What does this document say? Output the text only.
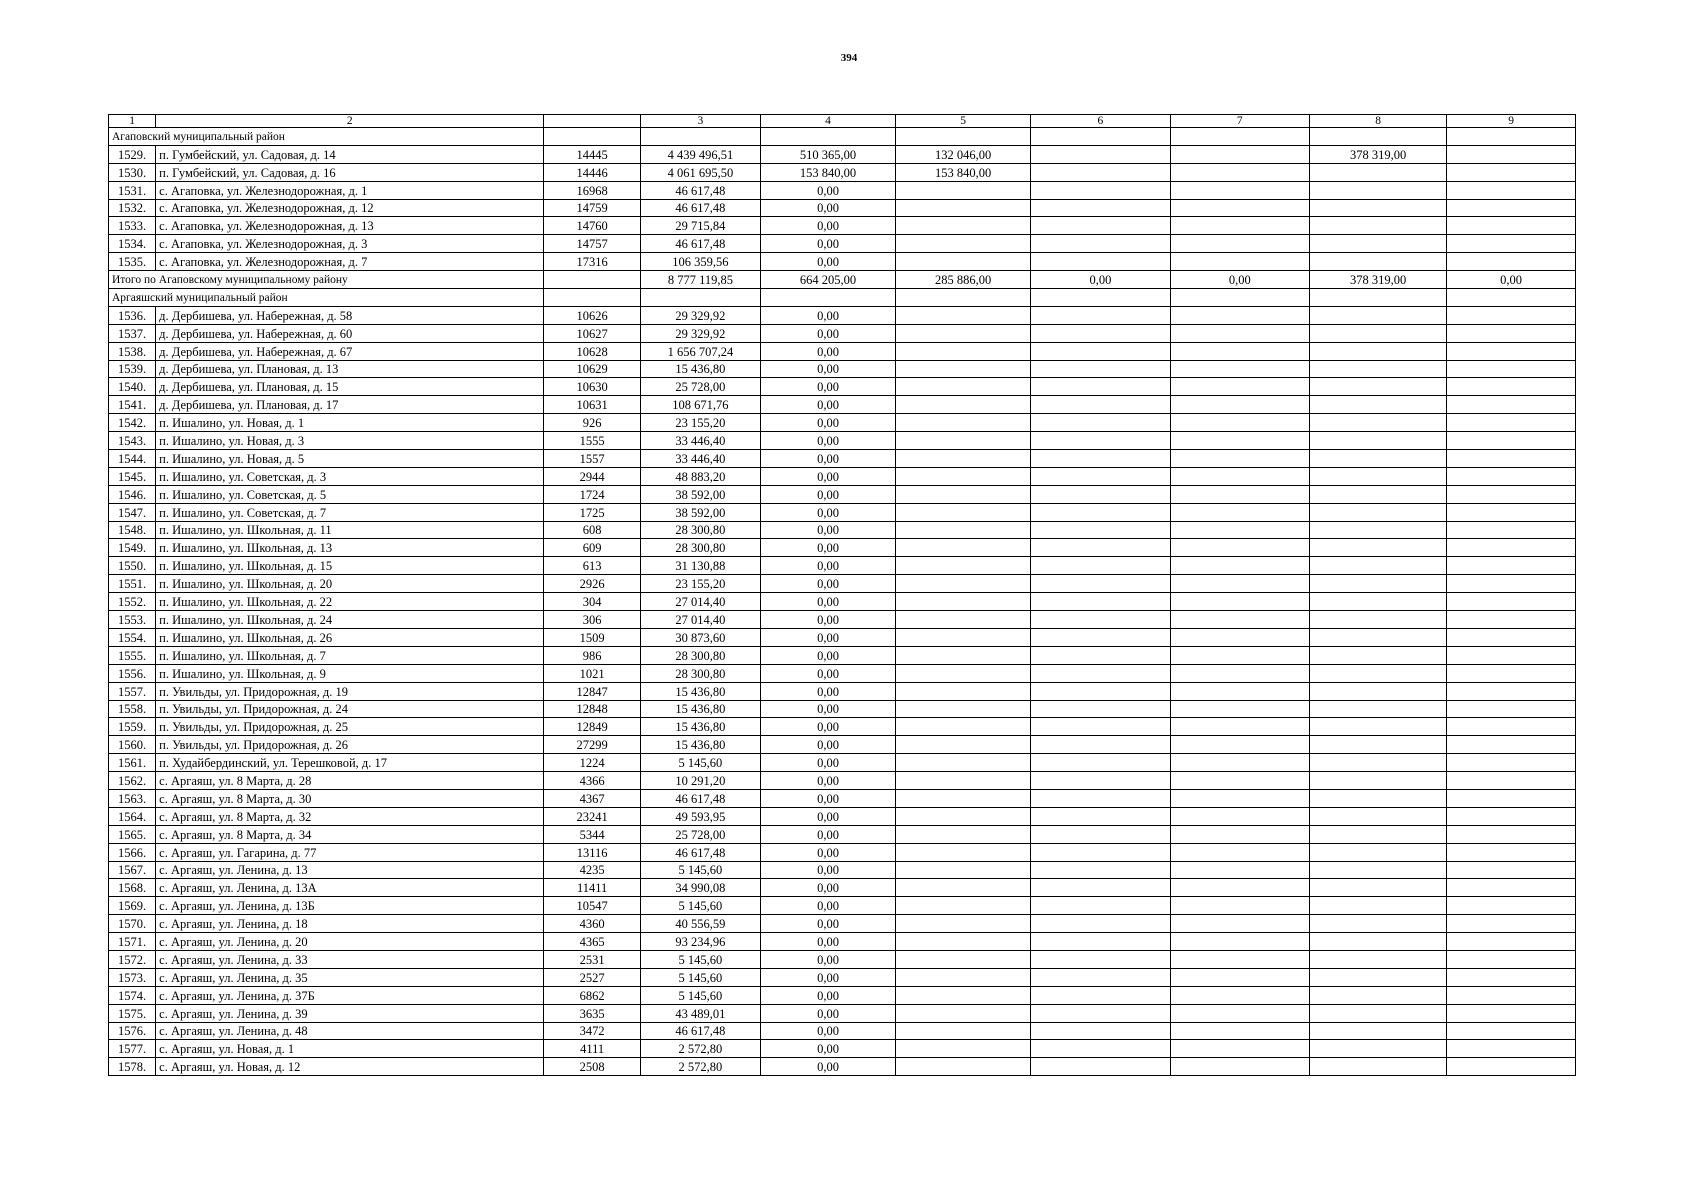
394
1	2		3	4	5	6	7	8	9
Агаповский муниципальный район									
1529.	п. Гумбейский, ул. Садовая, д. 14	14445	4 439 496,51	510 365,00	132 046,00			378 319,00	
1530.	п. Гумбейский, ул. Садовая, д. 16	14446	4 061 695,50	153 840,00	153 840,00				
1531.	с. Агаповка, ул. Железнодорожная, д. 1	16968	46 617,48	0,00					
1532.	с. Агаповка, ул. Железнодорожная, д. 12	14759	46 617,48	0,00					
1533.	с. Агаповка, ул. Железнодорожная, д. 13	14760	29 715,84	0,00					
1534.	с. Агаповка, ул. Железнодорожная, д. 3	14757	46 617,48	0,00					
1535.	с. Агаповка, ул. Железнодорожная, д. 7	17316	106 359,56	0,00					
Итого по Агаповскому муниципальному району			8 777 119,85	664 205,00	285 886,00	0,00	0,00	378 319,00	0,00
Аргаяшский муниципальный район									
1536.	д. Дербишева, ул. Набережная, д. 58	10626	29 329,92	0,00					
1537.	д. Дербишева, ул. Набережная, д. 60	10627	29 329,92	0,00					
1538.	д. Дербишева, ул. Набережная, д. 67	10628	1 656 707,24	0,00					
1539.	д. Дербишева, ул. Плановая, д. 13	10629	15 436,80	0,00					
1540.	д. Дербишева, ул. Плановая, д. 15	10630	25 728,00	0,00					
1541.	д. Дербишева, ул. Плановая, д. 17	10631	108 671,76	0,00					
1542.	п. Ишалино, ул. Новая, д. 1	926	23 155,20	0,00					
1543.	п. Ишалино, ул. Новая, д. 3	1555	33 446,40	0,00					
1544.	п. Ишалино, ул. Новая, д. 5	1557	33 446,40	0,00					
1545.	п. Ишалино, ул. Советская, д. 3	2944	48 883,20	0,00					
1546.	п. Ишалино, ул. Советская, д. 5	1724	38 592,00	0,00					
1547.	п. Ишалино, ул. Советская, д. 7	1725	38 592,00	0,00					
1548.	п. Ишалино, ул. Школьная, д. 11	608	28 300,80	0,00					
1549.	п. Ишалино, ул. Школьная, д. 13	609	28 300,80	0,00					
1550.	п. Ишалино, ул. Школьная, д. 15	613	31 130,88	0,00					
1551.	п. Ишалино, ул. Школьная, д. 20	2926	23 155,20	0,00					
1552.	п. Ишалино, ул. Школьная, д. 22	304	27 014,40	0,00					
1553.	п. Ишалино, ул. Школьная, д. 24	306	27 014,40	0,00					
1554.	п. Ишалино, ул. Школьная, д. 26	1509	30 873,60	0,00					
1555.	п. Ишалино, ул. Школьная, д. 7	986	28 300,80	0,00					
1556.	п. Ишалино, ул. Школьная, д. 9	1021	28 300,80	0,00					
1557.	п. Увильды, ул. Придорожная, д. 19	12847	15 436,80	0,00					
1558.	п. Увильды, ул. Придорожная, д. 24	12848	15 436,80	0,00					
1559.	п. Увильды, ул. Придорожная, д. 25	12849	15 436,80	0,00					
1560.	п. Увильды, ул. Придорожная, д. 26	27299	15 436,80	0,00					
1561.	п. Худайбердинский, ул. Терешковой, д. 17	1224	5 145,60	0,00					
1562.	с. Аргаяш, ул. 8 Марта, д. 28	4366	10 291,20	0,00					
1563.	с. Аргаяш, ул. 8 Марта, д. 30	4367	46 617,48	0,00					
1564.	с. Аргаяш, ул. 8 Марта, д. 32	23241	49 593,95	0,00					
1565.	с. Аргаяш, ул. 8 Марта, д. 34	5344	25 728,00	0,00					
1566.	с. Аргаяш, ул. Гагарина, д. 77	13116	46 617,48	0,00					
1567.	с. Аргаяш, ул. Ленина, д. 13	4235	5 145,60	0,00					
1568.	с. Аргаяш, ул. Ленина, д. 13А	11411	34 990,08	0,00					
1569.	с. Аргаяш, ул. Ленина, д. 13Б	10547	5 145,60	0,00					
1570.	с. Аргаяш, ул. Ленина, д. 18	4360	40 556,59	0,00					
1571.	с. Аргаяш, ул. Ленина, д. 20	4365	93 234,96	0,00					
1572.	с. Аргаяш, ул. Ленина, д. 33	2531	5 145,60	0,00					
1573.	с. Аргаяш, ул. Ленина, д. 35	2527	5 145,60	0,00					
1574.	с. Аргаяш, ул. Ленина, д. 37Б	6862	5 145,60	0,00					
1575.	с. Аргаяш, ул. Ленина, д. 39	3635	43 489,01	0,00					
1576.	с. Аргаяш, ул. Ленина, д. 48	3472	46 617,48	0,00					
1577.	с. Аргаяш, ул. Новая, д. 1	4111	2 572,80	0,00					
1578.	с. Аргаяш, ул. Новая, д. 12	2508	2 572,80	0,00					
